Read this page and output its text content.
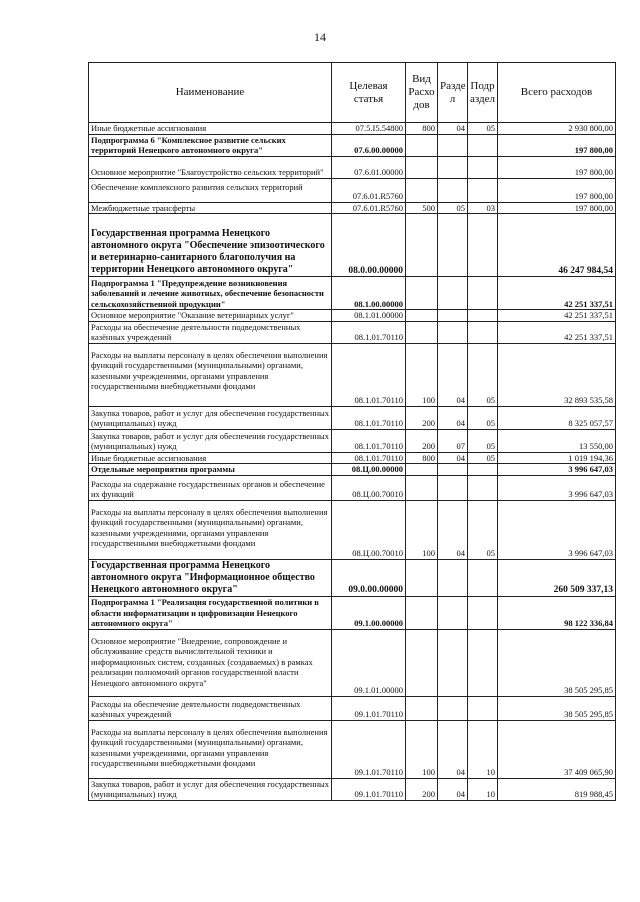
14
Наименование	Целевая статья	Вид Расхо дов	Разде л	Подр аздел	Всего расходов
Иные бюджетные ассигнования	07.5.I5.54800	800	04	05	2 930 800,00
Подпрограмма 6 "Комплексное развитие сельских территорий Ненецкого автономного округа"	07.6.00.00000				197 800,00
Основное мероприятие "Благоустройство сельских территорий"	07.6.01.00000				197 800,00
Обеспечение комплексного развития сельских территорий	07.6.01.R5760				197 800,00
Межбюджетные трансферты	07.6.01.R5760	500	05	03	197 800,00
Государственная программа Ненецкого автономного округа "Обеспечение эпизоотического и ветеринарно-санитарного благополучия на территории Ненецкого автономного округа"	08.0.00.00000				46 247 984,54
Подпрограмма 1 "Предупреждение возникновения заболеваний и лечение животных, обеспечение безопасности сельскохозяйственной продукции"	08.1.00.00000				42 251 337,51
Основное мероприятие "Оказание ветеринарных услуг"	08.1.01.00000				42 251 337,51
Расходы на обеспечение деятельности подведомственных казённых учреждений	08.1.01.70110				42 251 337,51
Расходы на выплаты персоналу в целях обеспечения выполнения функций государственными (муниципальными) органами, казенными учреждениями, органами управления государственными внебюджетными фондами	08.1.01.70110	100	04	05	32 893 535,58
Закупка товаров, работ и услуг для обеспечения государственных (муниципальных) нужд	08.1.01.70110	200	04	05	8 325 057,57
Закупка товаров, работ и услуг для обеспечения государственных (муниципальных) нужд	08.1.01.70110	200	07	05	13 550,00
Иные бюджетные ассигнования	08.1.01.70110	800	04	05	1 019 194,36
Отдельные мероприятия программы	08.Ц.00.00000				3 996 647,03
Расходы на содержание государственных органов и обеспечение их функций	08.Ц.00.70010				3 996 647,03
Расходы на выплаты персоналу в целях обеспечения выполнения функций государственными (муниципальными) органами, казенными учреждениями, органами управления государственными внебюджетными фондами	08.Ц.00.70010	100	04	05	3 996 647,03
Государственная программа Ненецкого автономного округа "Информационное общество Ненецкого автономного округа"	09.0.00.00000				260 509 337,13
Подпрограмма 1 "Реализация государственной политики в области информатизации и цифровизации Ненецкого автономного округа"	09.1.00.00000				98 122 336,84
Основное мероприятие "Внедрение, сопровождение и обслуживание средств вычислительной техники и информационных систем, созданных (создаваемых) в рамках реализации полномочий органов государственной власти Ненецкого автономного округа"	09.1.01.00000				38 505 295,85
Расходы на обеспечение деятельности подведомственных казённых учреждений	09.1.01.70110				38 505 295,85
Расходы на выплаты персоналу в целях обеспечения выполнения функций государственными (муниципальными) органами, казенными учреждениями, органами управления государственными внебюджетными фондами	09.1.01.70110	100	04	10	37 409 065,90
Закупка товаров, работ и услуг для обеспечения государственных (муниципальных) нужд	09.1.01.70110	200	04	10	819 988,45
